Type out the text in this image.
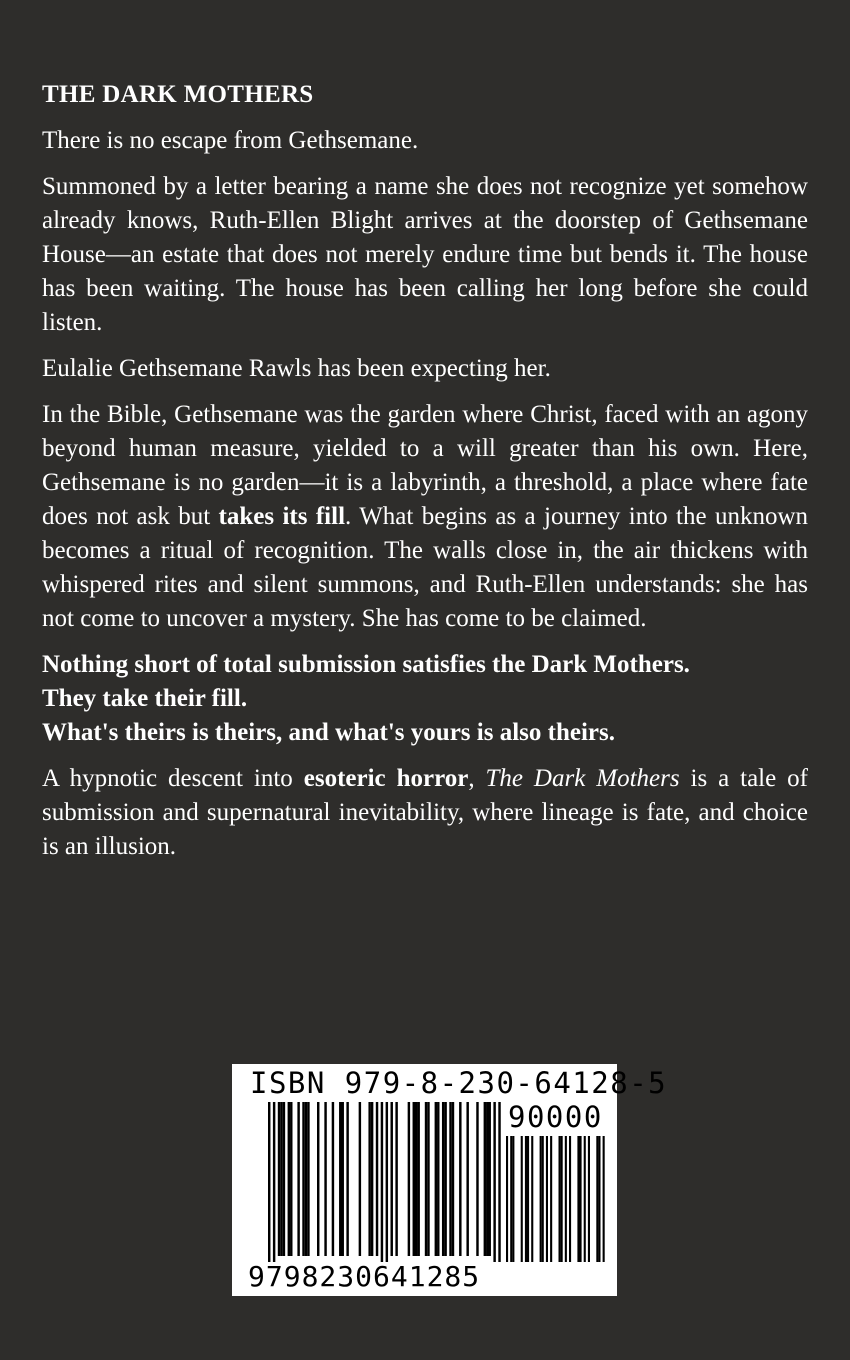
THE DARK MOTHERS

There is no escape from Gethsemane.

Summoned by a letter bearing a name she does not recognize yet somehow already knows, Ruth-Ellen Blight arrives at the doorstep of Gethsemane House—an estate that does not merely endure time but bends it. The house has been waiting. The house has been calling her long before she could listen.

Eulalie Gethsemane Rawls has been expecting her.

In the Bible, Gethsemane was the garden where Christ, faced with an agony beyond human measure, yielded to a will greater than his own. Here, Gethsemane is no garden—it is a labyrinth, a threshold, a place where fate does not ask but takes its fill. What begins as a journey into the unknown becomes a ritual of recognition. The walls close in, the air thickens with whispered rites and silent summons, and Ruth-Ellen understands: she has not come to uncover a mystery. She has come to be claimed.

Nothing short of total submission satisfies the Dark Mothers.
They take their fill.
What's theirs is theirs, and what's yours is also theirs.

A hypnotic descent into esoteric horror, The Dark Mothers is a tale of submission and supernatural inevitability, where lineage is fate, and choice is an illusion.

ISBN 979-8-230-64128-5
90000
9798230641285
